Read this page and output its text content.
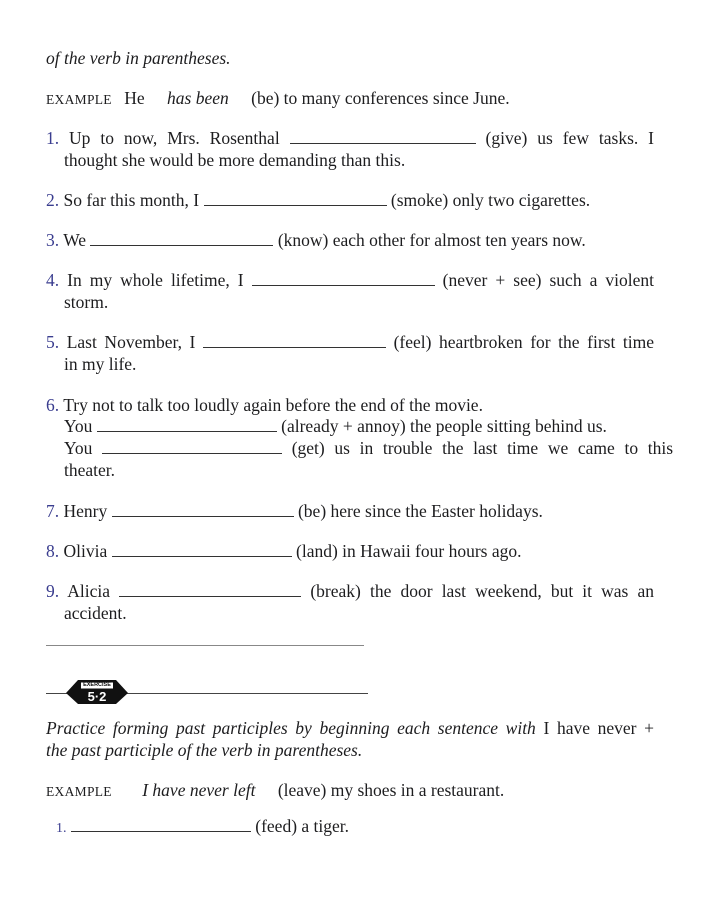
of the verb in parentheses.
EXAMPLE He has been (be) to many conferences since June.
1. Up to now, Mrs. Rosenthal	(give) us few tasks. I
thought she would be more demanding than this.
2. So far this month, I	(smoke) only two cigarettes.
3. We	(know) each other for almost ten years now.
4. In my whole lifetime, I	(never + see) such a violent
storm.
5. Last November, I	(feel) heartbroken for the first time
in my life.
6. Try not to talk too loudly again before the end of the movie.
You	(already + annoy) the people sitting behind us.
You	(get) us in trouble the last time we came to this
theater.
7. Henry	(be) here since the Easter holidays.
8. Olivia	(land) in Hawaii four hours ago.
9. Alicia	(break) the door last weekend, but it was an
accident.
EXERCISE
5·2
Practice forming past participles by beginning each sentence with I have never +
the past participle of the verb in parentheses.
EXAMPLE I have never left (leave) my shoes in a restaurant.
1.	(feed) a tiger.
